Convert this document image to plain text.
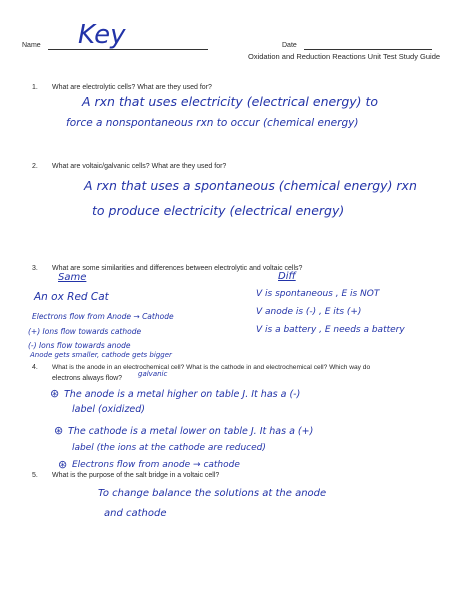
Name Key	Date
Oxidation and Reduction Reactions Unit Test Study Guide
1. What are electrolytic cells? What are they used for?
A rxn that uses electricity (electrical energy) to
force a nonspontaneous rxn to occur (chemical energy)
2. What are voltaic/galvanic cells? What are they used for?
A rxn that uses a spontaneous (chemical energy) rxn
to produce electricity (electrical energy)
3. What are some similarities and differences between electrolytic and voltaic cells?
Same	Diff
An ox Red Cat
Electrons flow from Anode → Cathode
(+) Ions flow towards cathode
(-) Ions flow towards anode
Anode gets smaller, cathode gets bigger
V is spontaneous , E is NOT
V anode is (-) , E its (+)
V is a battery , E needs a battery
4. What is the anode in an electrochemical cell? What is the cathode in and electrochemical cell? Which way do
galvanic
electrons always flow?
⊛ The anode is a metal higher on table J. It has a (-)
label (oxidized)
⊛ The cathode is a metal lower on table J. It has a (+)
label (the ions at the cathode are reduced)
⊛ Electrons flow from anode → cathode
5. What is the purpose of the salt bridge in a voltaic cell?
To change balance the solutions at the anode
and cathode
